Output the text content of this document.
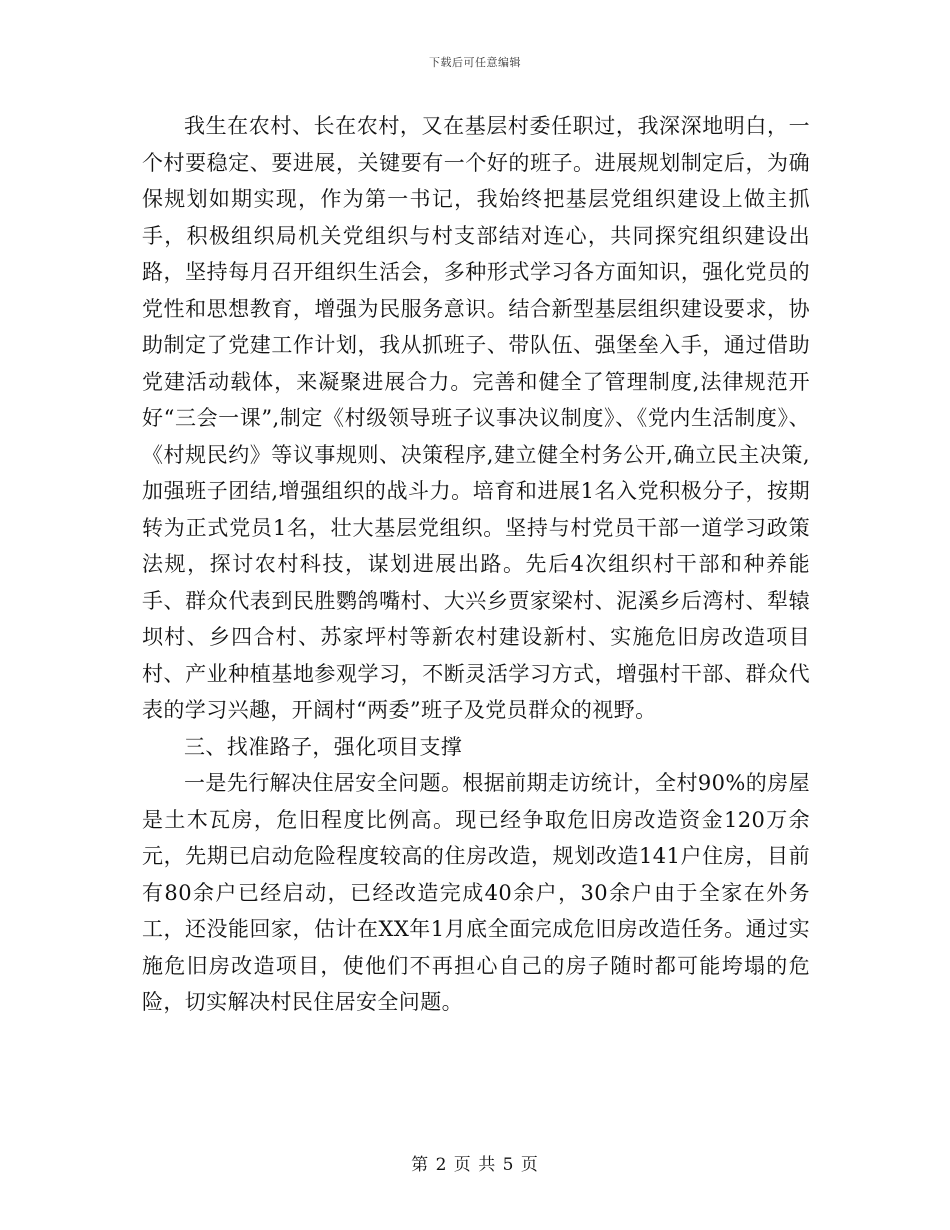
下载后可任意编辑

我生在农村、长在农村，又在基层村委任职过，我深深地明白，一个村要稳定、要进展，关键要有一个好的班子。进展规划制定后，为确保规划如期实现，作为第一书记，我始终把基层党组织建设上做主抓手，积极组织局机关党组织与村支部结对连心，共同探究组织建设出路，坚持每月召开组织生活会，多种形式学习各方面知识，强化党员的党性和思想教育，增强为民服务意识。结合新型基层组织建设要求，协助制定了党建工作计划，我从抓班子、带队伍、强堡垒入手，通过借助党建活动载体，来凝聚进展合力。完善和健全了管理制度,法律规范开好“三会一课”,制定《村级领导班子议事决议制度》、《党内生活制度》、《村规民约》等议事规则、决策程序,建立健全村务公开,确立民主决策,加强班子团结,增强组织的战斗力。培育和进展1名入党积极分子，按期转为正式党员1名，壮大基层党组织。坚持与村党员干部一道学习政策法规，探讨农村科技，谋划进展出路。先后4次组织村干部和种养能手、群众代表到民胜鹦鸽嘴村、大兴乡贾家梁村、泥溪乡后湾村、犁辕坝村、乡四合村、苏家坪村等新农村建设新村、实施危旧房改造项目村、产业种植基地参观学习，不断灵活学习方式，增强村干部、群众代表的学习兴趣，开阔村“两委”班子及党员群众的视野。

三、找准路子，强化项目支撑

一是先行解决住居安全问题。根据前期走访统计，全村90%的房屋是土木瓦房，危旧程度比例高。现已经争取危旧房改造资金120万余元，先期已启动危险程度较高的住房改造，规划改造141户住房，目前有80余户已经启动，已经改造完成40余户，30余户由于全家在外务工，还没能回家，估计在XX年1月底全面完成危旧房改造任务。通过实施危旧房改造项目，使他们不再担心自己的房子随时都可能垮塌的危险，切实解决村民住居安全问题。

第 2 页 共 5 页
